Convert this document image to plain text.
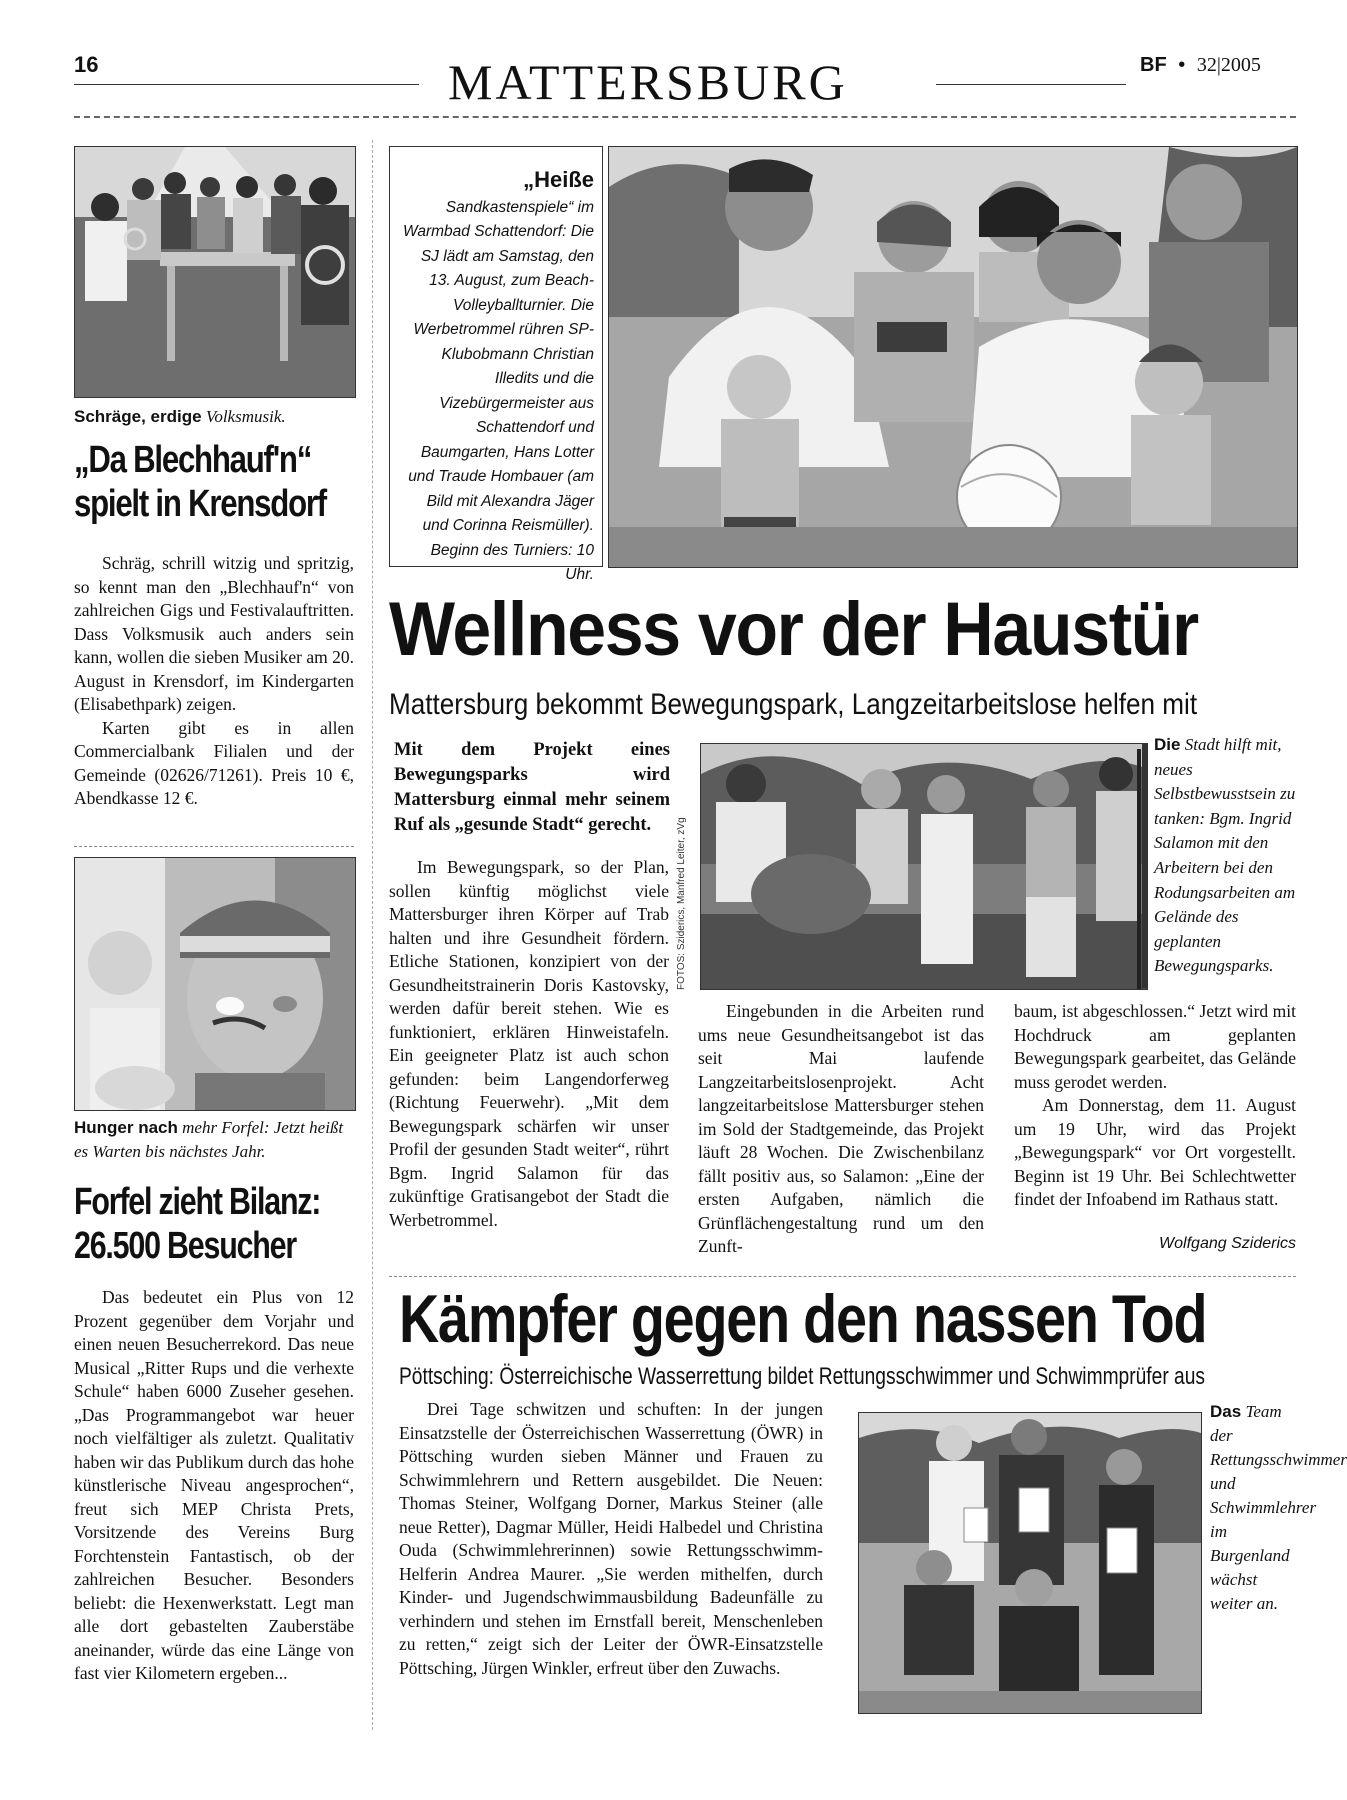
16	MATTERSBURG	BF • 32|2005
Schräge, erdige Volksmusik.
„Da Blechhauf'n“ spielt in Krensdorf

Schräg, schrill witzig und spritzig, so kennt man den „Blechhauf'n“ von zahlreichen Gigs und Festivalauftritten. Dass Volksmusik auch anders sein kann, wollen die sieben Musiker am 20. August in Krensdorf, im Kindergarten (Elisabethpark) zeigen.

Karten gibt es in allen Commercialbank Filialen und der Gemeinde (02626/71261). Preis 10 €, Abendkasse 12 €.

Hunger nach mehr Forfel: Jetzt heißt es Warten bis nächstes Jahr.
Forfel zieht Bilanz: 26.500 Besucher

Das bedeutet ein Plus von 12 Prozent gegenüber dem Vorjahr und einen neuen Besucherrekord. Das neue Musical „Ritter Rups und die verhexte Schule“ haben 6000 Zuseher gesehen. „Das Programmangebot war heuer noch vielfältiger als zuletzt. Qualitativ haben wir das Publikum durch das hohe künstlerische Niveau angesprochen“, freut sich MEP Christa Prets, Vorsitzende des Vereins Burg Forchtenstein Fantastisch, ob der zahlreichen Besucher. Besonders beliebt: die Hexenwerkstatt. Legt man alle dort gebastelten Zauberstäbe aneinander, würde das eine Länge von fast vier Kilometern ergeben...

„Heiße Sandkastenspiele“ im Warmbad Schattendorf: Die SJ lädt am Samstag, den 13. August, zum Beach-Volleyballturnier. Die Werbetrommel rühren SP-Klubobmann Christian Illedits und die Vizebürgermeister aus Schattendorf und Baumgarten, Hans Lotter und Traude Hombauer (am Bild mit Alexandra Jäger und Corinna Reismüller). Beginn des Turniers: 10 Uhr.
Wellness vor der Haustür
Mattersburg bekommt Bewegungspark, Langzeitarbeitslose helfen mit
Mit dem Projekt eines Bewegungsparks wird Mattersburg einmal mehr seinem Ruf als „gesunde Stadt“ gerecht.

Im Bewegungspark, so der Plan, sollen künftig möglichst viele Mattersburger ihren Körper auf Trab halten und ihre Gesundheit fördern. Etliche Stationen, konzipiert von der Gesundheitstrainerin Doris Kastovsky, werden dafür bereit stehen. Wie es funktioniert, erklären Hinweistafeln. Ein geeigneter Platz ist auch schon gefunden: beim Langendorferweg (Richtung Feuerwehr). „Mit dem Bewegungspark schärfen wir unser Profil der gesunden Stadt weiter“, rührt Bgm. Ingrid Salamon für das zukünftige Gratisangebot der Stadt die Werbetrommel.

FOTOS: Sziderics, Manfred Leiter, zVg
Die Stadt hilft mit, neues Selbstbewusstsein zu tanken: Bgm. Ingrid Salamon mit den Arbeitern bei den Rodungsarbeiten am Gelände des geplanten Bewegungsparks.

Eingebunden in die Arbeiten rund ums neue Gesundheitsangebot ist das seit Mai laufende Langzeitarbeitslosenprojekt. Acht langzeitarbeitslose Mattersburger stehen im Sold der Stadtgemeinde, das Projekt läuft 28 Wochen. Die Zwischenbilanz fällt positiv aus, so Salamon: „Eine der ersten Aufgaben, nämlich die Grünflächengestaltung rund um den Zunft-

baum, ist abgeschlossen.“ Jetzt wird mit Hochdruck am geplanten Bewegungspark gearbeitet, das Gelände muss gerodet werden.

Am Donnerstag, dem 11. August um 19 Uhr, wird das Projekt „Bewegungspark“ vor Ort vorgestellt. Beginn ist 19 Uhr. Bei Schlechtwetter findet der Infoabend im Rathaus statt.

Wolfgang Sziderics
Kämpfer gegen den nassen Tod
Pöttsching: Österreichische Wasserrettung bildet Rettungsschwimmer und Schwimmprüfer aus

Drei Tage schwitzen und schuften: In der jungen Einsatzstelle der Österreichischen Wasserrettung (ÖWR) in Pöttsching wurden sieben Männer und Frauen zu Schwimmlehrern und Rettern ausgebildet. Die Neuen: Thomas Steiner, Wolfgang Dorner, Markus Steiner (alle neue Retter), Dagmar Müller, Heidi Halbedel und Christina Ouda (Schwimmlehrerinnen) sowie Rettungsschwimm-Helferin Andrea Maurer. „Sie werden mithelfen, durch Kinder- und Jugendschwimmausbildung Badeunfälle zu verhindern und stehen im Ernstfall bereit, Menschenleben zu retten,“ zeigt sich der Leiter der ÖWR-Einsatzstelle Pöttsching, Jürgen Winkler, erfreut über den Zuwachs.

Das Team der Rettungsschwimmer und Schwimmlehrer im Burgenland wächst weiter an.
